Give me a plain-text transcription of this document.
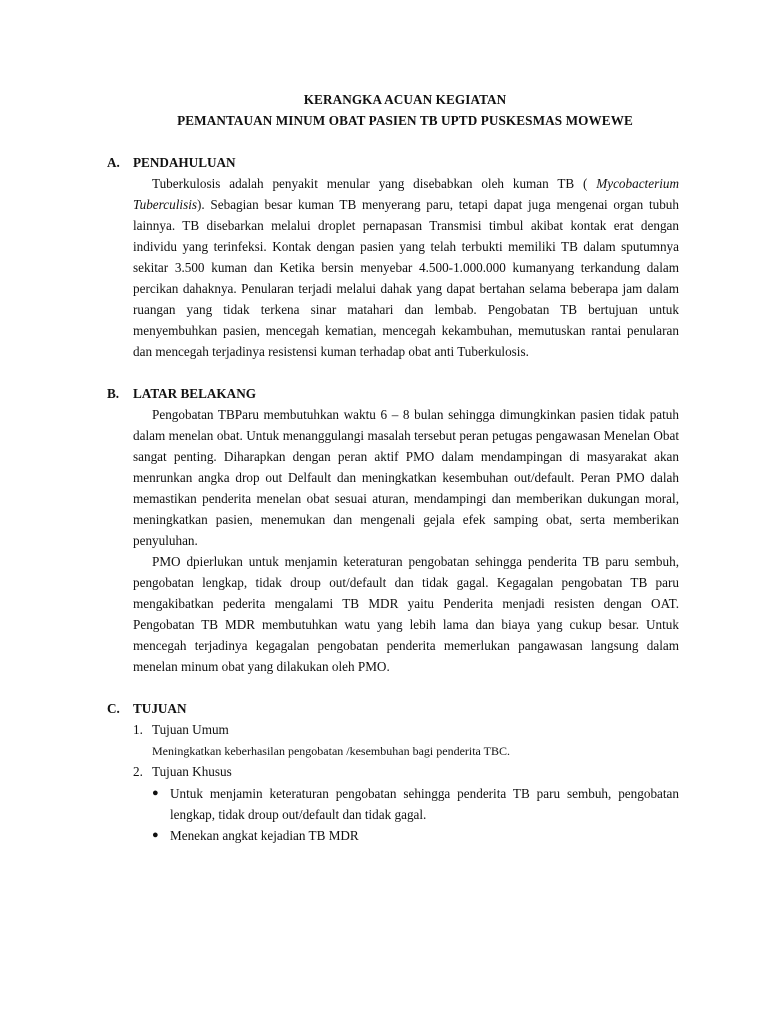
KERANGKA ACUAN KEGIATAN
PEMANTAUAN MINUM OBAT PASIEN TB UPTD PUSKESMAS MOWEWE
A. PENDAHULUAN

Tuberkulosis adalah penyakit menular yang disebabkan oleh kuman TB ( Mycobacterium Tuberculisis). Sebagian besar kuman TB menyerang paru, tetapi dapat juga mengenai organ tubuh lainnya. TB disebarkan melalui droplet pernapasan Transmisi timbul akibat kontak erat dengan individu yang terinfeksi. Kontak dengan pasien yang telah terbukti memiliki TB dalam sputumnya sekitar 3.500 kuman dan Ketika bersin menyebar 4.500-1.000.000 kumanyang terkandung dalam percikan dahaknya. Penularan terjadi melalui dahak yang dapat bertahan selama beberapa jam dalam ruangan yang tidak terkena sinar matahari dan lembab. Pengobatan TB bertujuan untuk menyembuhkan pasien, mencegah kematian, mencegah kekambuhan, memutuskan rantai penularan dan mencegah terjadinya resistensi kuman terhadap obat anti Tuberkulosis.

B. LATAR BELAKANG

Pengobatan TBParu membutuhkan waktu 6 – 8 bulan sehingga dimungkinkan pasien tidak patuh dalam menelan obat. Untuk menanggulangi masalah tersebut peran petugas pengawasan Menelan Obat sangat penting. Diharapkan dengan peran aktif PMO dalam mendampingan di masyarakat akan menrunkan angka drop out Delfault dan meningkatkan kesembuhan out/default. Peran PMO dalah memastikan penderita menelan obat sesuai aturan, mendampingi dan memberikan dukungan moral, meningkatkan pasien, menemukan dan mengenali gejala efek samping obat, serta memberikan penyuluhan.

PMO dpierlukan untuk menjamin keteraturan pengobatan sehingga penderita TB paru sembuh, pengobatan lengkap, tidak droup out/default dan tidak gagal. Kegagalan pengobatan TB paru mengakibatkan pederita mengalami TB MDR yaitu Penderita menjadi resisten dengan OAT. Pengobatan TB MDR membutuhkan watu yang lebih lama dan biaya yang cukup besar. Untuk mencegah terjadinya kegagalan pengobatan penderita memerlukan pangawasan langsung dalam menelan minum obat yang dilakukan oleh PMO.

C. TUJUAN
1. Tujuan Umum
Meningkatkan keberhasilan pengobatan /kesembuhan bagi penderita TBC.
2. Tujuan Khusus
● Untuk menjamin keteraturan pengobatan sehingga penderita TB paru sembuh, pengobatan lengkap, tidak droup out/default dan tidak gagal.
● Menekan angkat kejadian TB MDR
